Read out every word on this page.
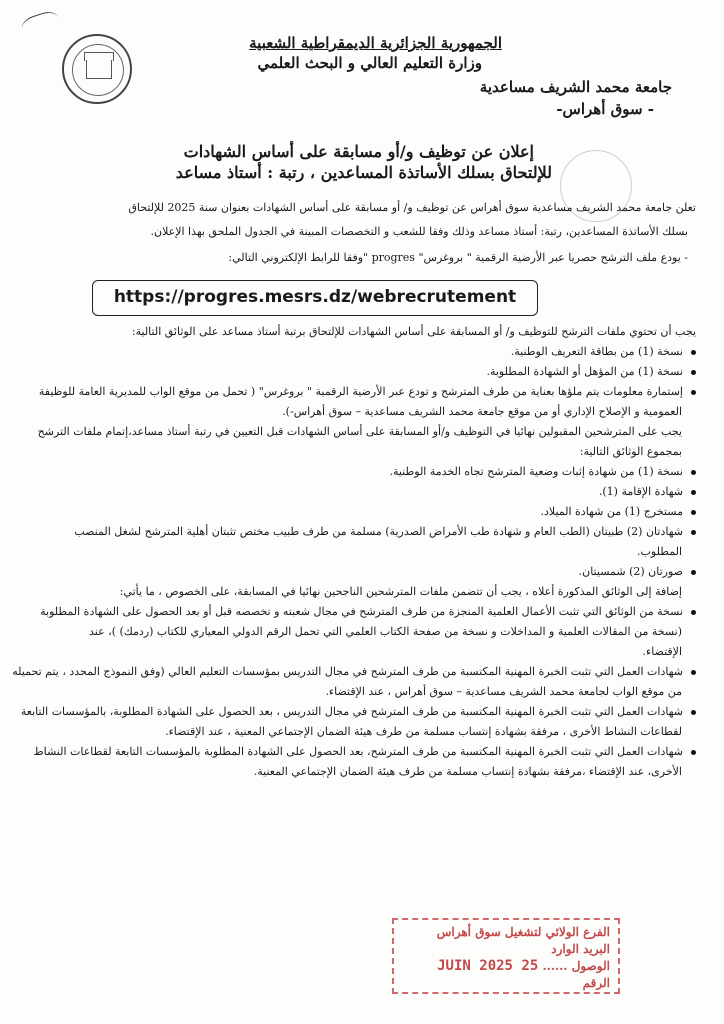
الجمهورية الجزائرية الديمقراطية الشعبية
وزارة التعليم العالي و البحث العلمي
جامعة محمد الشريف مساعدية
- سوق أهراس-
إعلان عن توظيف و/أو مسابقة على أساس الشهادات
للإلتحاق بسلك الأساتذة المساعدين ، رتبة : أستاذ مساعد
تعلن جامعة محمد الشريف مساعدية سوق أهراس عن توظيف و/ أو مسابقة على أساس الشهادات بعنوان سنة 2025 للإلتحاق
بسلك الأساتذة المساعدين، رتبة: أستاذ مساعد وذلك وفقا للشعب و التخصصات المبينة في الجدول الملحق بهذا الإعلان.
- يودع ملف الترشح حصريا عبر الأرضية الرقمية " بروغرس" progres "وفقا للرابط الإلكتروني التالي:
https://progres.mesrs.dz/webrecrutement
يجب أن تحتوي ملفات الترشح للتوظيف و/ أو المسابقة على أساس الشهادات للإلتحاق برتبة أستاذ مساعد على الوثائق التالية:
نسخة (1) من بطاقة التعريف الوطنية.
نسخة (1) من المؤهل أو الشهادة المطلوبة.
إستمارة معلومات يتم ملؤها بعناية من طرف المترشح و تودع عبر الأرضية الرقمية " بروغرس" ( تحمل من موقع الواب للمديرية العامة للوظيفة
العمومية و الإصلاح الإداري أو من موقع جامعة محمد الشريف مساعدية – سوق أهراس-).
يجب على المترشحين المقبولين نهائيا في التوظيف و/أو المسابقة على أساس الشهادات قبل التعيين في رتبة أستاذ مساعد،إتمام ملفات الترشح
بمجموع الوثائق التالية:
نسخة (1) من شهادة إثبات وضعية المترشح تجاه الخدمة الوطنية.
شهادة الإقامة (1).
مستخرج (1) من شهادة الميلاد.
شهادتان (2) طبيتان (الطب العام و شهادة طب الأمراض الصدرية) مسلمة من طرف طبيب مختص تثبتان أهلية المترشح لشغل المنصب
المطلوب.
صورتان (2) شمسيتان.
إضافة إلى الوثائق المذكورة أعلاه ، يجب أن تتضمن ملفات المترشحين الناجحين نهائيا في المسابقة، على الخصوص ، ما يأتي:
نسخة من الوثائق التي تثبت الأعمال العلمية المنجزة من طرف المترشح في مجال شعبته و تخصصه قبل أو بعد الحصول على الشهادة المطلوبة
(نسخة من المقالات العلمية و المداخلات و نسخة من صفحة الكتاب العلمي التي تحمل الرقم الدولي المعياري للكتاب (ردمك) )، عند
الإقتضاء.
شهادات العمل التي تثبت الخبرة المهنية المكتسبة من طرف المترشح في مجال التدريس بمؤسسات التعليم العالي (وفق النموذج المحدد ، يتم تحميله
من موقع الواب لجامعة محمد الشريف مساعدية – سوق أهراس ، عند الإقتضاء.
شهادات العمل التي تثبت الخبرة المهنية المكتسبة من طرف المترشح في مجال التدريس ، بعد الحصول على الشهادة المطلوبة، بالمؤسسات التابعة
لقطاعات النشاط الأخرى ، مرفقة بشهادة إنتساب مسلمة من طرف هيئة الضمان الإجتماعي المعنية ، عند الإقتضاء.
شهادات العمل التي تثبت الخبرة المهنية المكتسبة من طرف المترشح، بعد الحصول على الشهادة المطلوبة بالمؤسسات التابعة لقطاعات النشاط
الأخرى، عند الإقتضاء ،مرفقة بشهادة إنتساب مسلمة من طرف هيئة الضمان الإجتماعي المعنية.
الفرع الولائي لتشغيل سوق أهراس
البريد الوارد
الوصول ...... 25 JUIN 2025
الرقم
